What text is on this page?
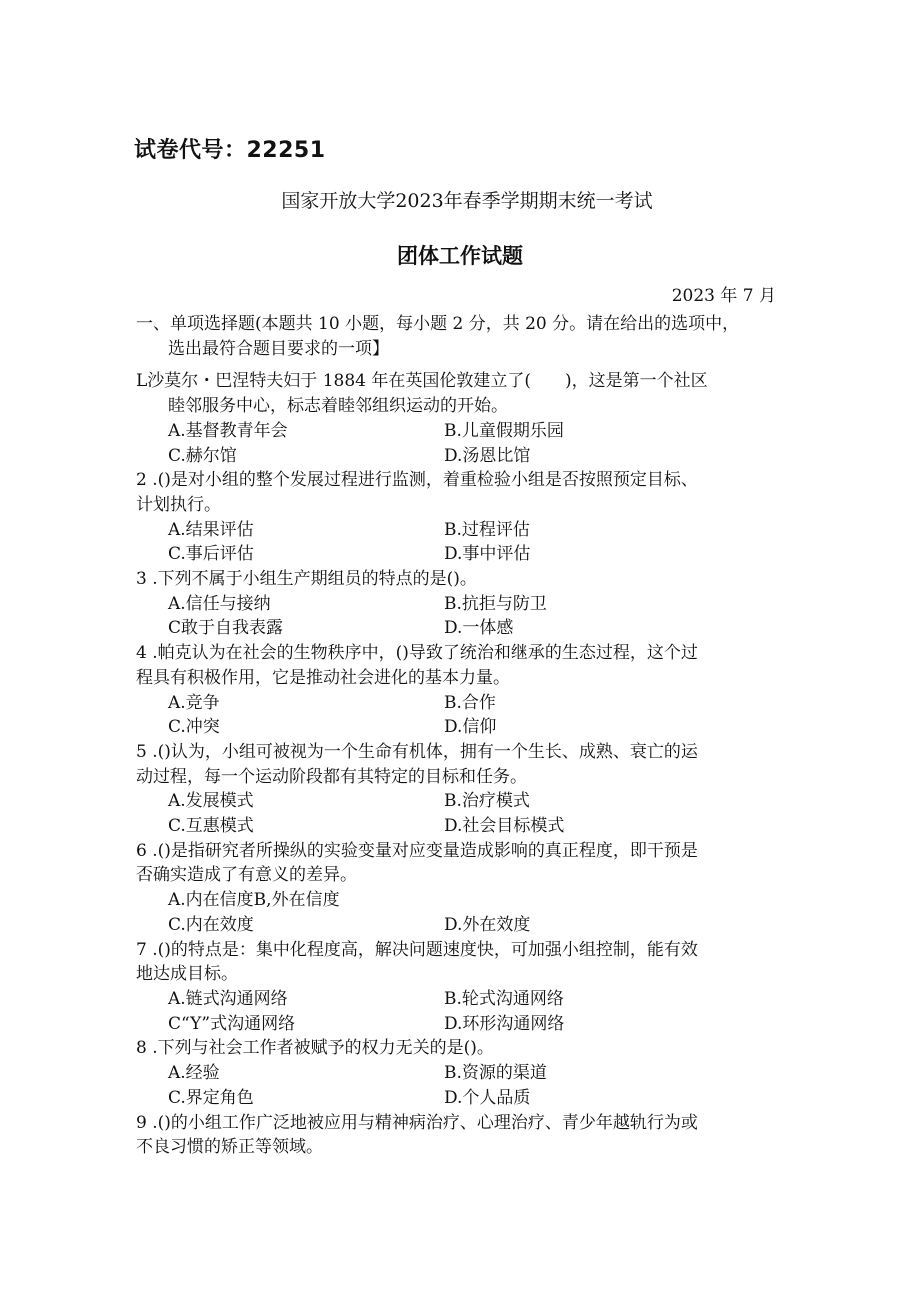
试卷代号：22251
国家开放大学2023年春季学期期末统一考试
团体工作试题
2023 年 7 月
一、单项选择题(本题共 10 小题，每小题 2 分，共 20 分。请在给出的选项中，
选出最符合题目要求的一项】
L沙莫尔・巴涅特夫妇于 1884 年在英国伦敦建立了(　　)，这是第一个社区
睦邻服务中心，标志着睦邻组织运动的开始。
A.基督教青年会	B.儿童假期乐园
C.赫尔馆	D.汤恩比馆
2 .()是对小组的整个发展过程进行监测，着重检验小组是否按照预定目标、
计划执行。
A.结果评估	B.过程评估
C.事后评估	D.事中评估
3 .下列不属于小组生产期组员的特点的是()。
A.信任与接纳	B.抗拒与防卫
C敢于自我表露	D.一体感
4 .帕克认为在社会的生物秩序中，()导致了统治和继承的生态过程，这个过
程具有积极作用，它是推动社会进化的基本力量。
A.竞争	B.合作
C.冲突	D.信仰
5 .()认为，小组可被视为一个生命有机体，拥有一个生长、成熟、衰亡的运
动过程，每一个运动阶段都有其特定的目标和任务。
A.发展模式	B.治疗模式
C.互惠模式	D.社会目标模式
6 .()是指研究者所操纵的实验变量对应变量造成影响的真正程度，即干预是
否确实造成了有意义的差异。
A.内在信度B,外在信度
C.内在效度	D.外在效度
7 .()的特点是：集中化程度高，解决问题速度快，可加强小组控制，能有效
地达成目标。
A.链式沟通网络	B.轮式沟通网络
C“Y”式沟通网络	D.环形沟通网络
8 .下列与社会工作者被赋予的权力无关的是()。
A.经验	B.资源的渠道
C.界定角色	D.个人品质
9 .()的小组工作广泛地被应用与精神病治疗、心理治疗、青少年越轨行为或
不良习惯的矫正等领域。
